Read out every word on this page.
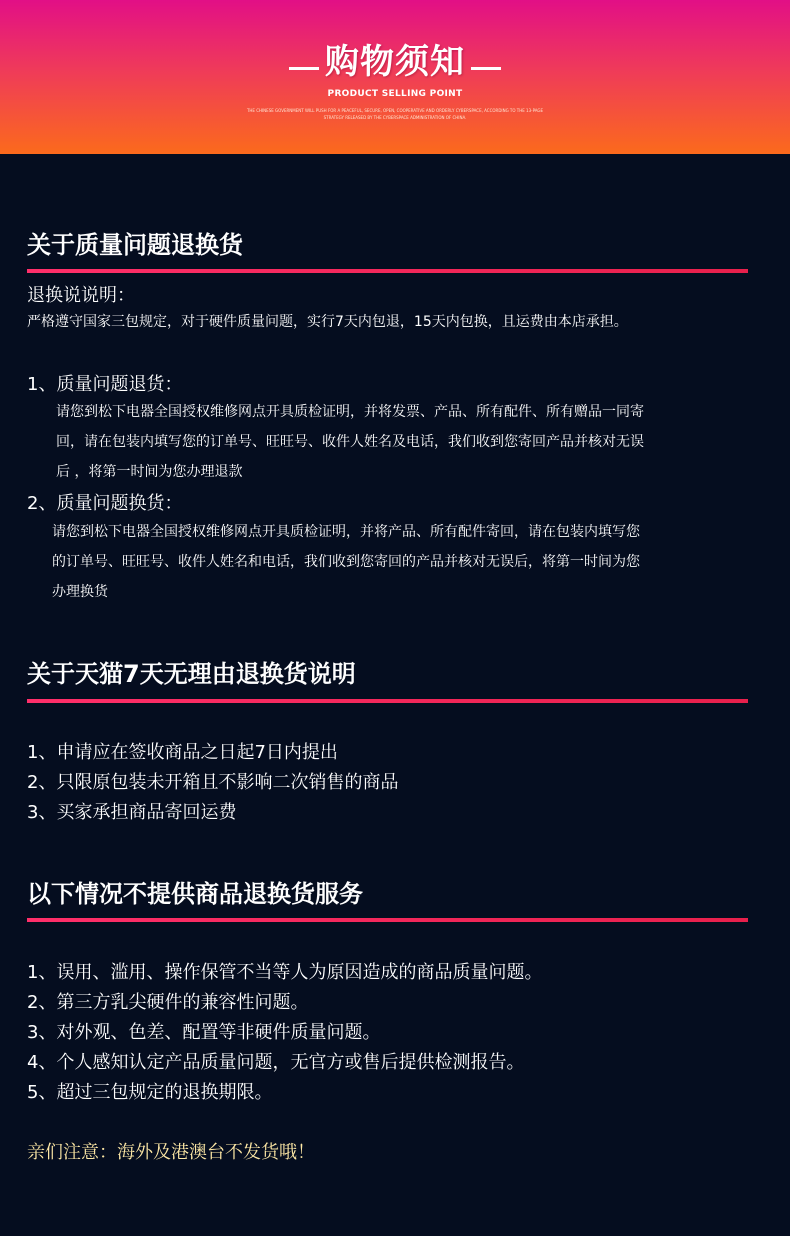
购物须知
PRODUCT SELLING POINT
THE CHINESE GOVERNMENT WILL PUSH FOR A PEACEFUL, SECURE, OPEN, COOPERATIVE AND ORDERLY CYBERSPACE, ACCORDING TO THE 13-PAGE
STRATEGY RELEASED BY THE CYBERSPACE ADMINISTRATION OF CHINA.
关于质量问题退换货
退换说说明：
严格遵守国家三包规定，对于硬件质量问题，实行7天内包退，15天内包换，且运费由本店承担。
1、质量问题退货：
请您到松下电器全国授权维修网点开具质检证明，并将发票、产品、所有配件、所有赠品一同寄
回，请在包装内填写您的订单号、旺旺号、收件人姓名及电话，我们收到您寄回产品并核对无误
后 ，将第一时间为您办理退款
2、质量问题换货：
请您到松下电器全国授权维修网点开具质检证明，并将产品、所有配件寄回，请在包装内填写您
的订单号、旺旺号、收件人姓名和电话，我们收到您寄回的产品并核对无误后，将第一时间为您
办理换货
关于天猫7天无理由退换货说明
1、申请应在签收商品之日起7日内提出
2、只限原包装未开箱且不影响二次销售的商品
3、买家承担商品寄回运费
以下情况不提供商品退换货服务
1、误用、滥用、操作保管不当等人为原因造成的商品质量问题。
2、第三方乳尖硬件的兼容性问题。
3、对外观、色差、配置等非硬件质量问题。
4、个人感知认定产品质量问题，无官方或售后提供检测报告。
5、超过三包规定的退换期限。
亲们注意：海外及港澳台不发货哦！
